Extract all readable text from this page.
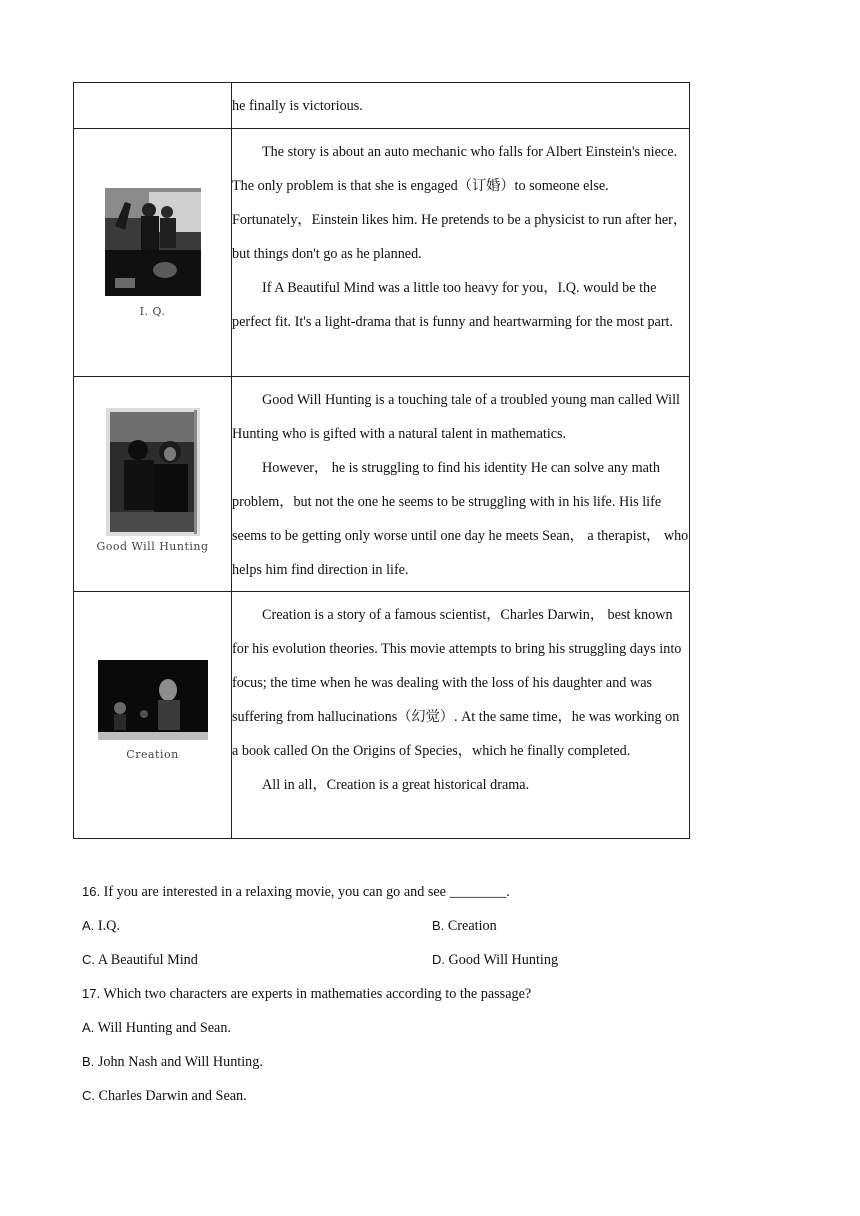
	he finally is victorious.

I. Q.	The story is about an auto mechanic who falls for Albert Einstein's niece. The only problem is that she is engaged（订婚）to someone else. Fortunately，Einstein likes him. He pretends to be a physicist to run after her， but things don't go as he planned.

If A Beautiful Mind was a little too heavy for you，I.Q. would be the perfect fit. It's a light-drama that is funny and heartwarming for the most part.

Good Will Hunting	Good Will Hunting is a touching tale of a troubled young man called Will Hunting who is gifted with a natural talent in mathematics.

However， he is struggling to find his identity He can solve any math problem，but not the one he seems to be struggling with in his life. His life seems to be getting only worse until one day he meets Sean， a therapist， who helps him find direction in life.

Creation	Creation is a story of a famous scientist，Charles Darwin， best known for his evolution theories. This movie attempts to bring his struggling days into focus; the time when he was dealing with the loss of his daughter and was suffering from hallucinations（幻觉）. At the same time，he was working on a book called On the Origins of Species，which he finally completed.

All in all，Creation is a great historical drama.

16. If you are interested in a relaxing movie, you can go and see ________.

A. I.Q.	B. Creation

C. A Beautiful Mind	D. Good Will Hunting

17. Which two characters are experts in mathematies according to the passage?

A. Will Hunting and Sean.

B. John Nash and Will Hunting.

C. Charles Darwin and Sean.
